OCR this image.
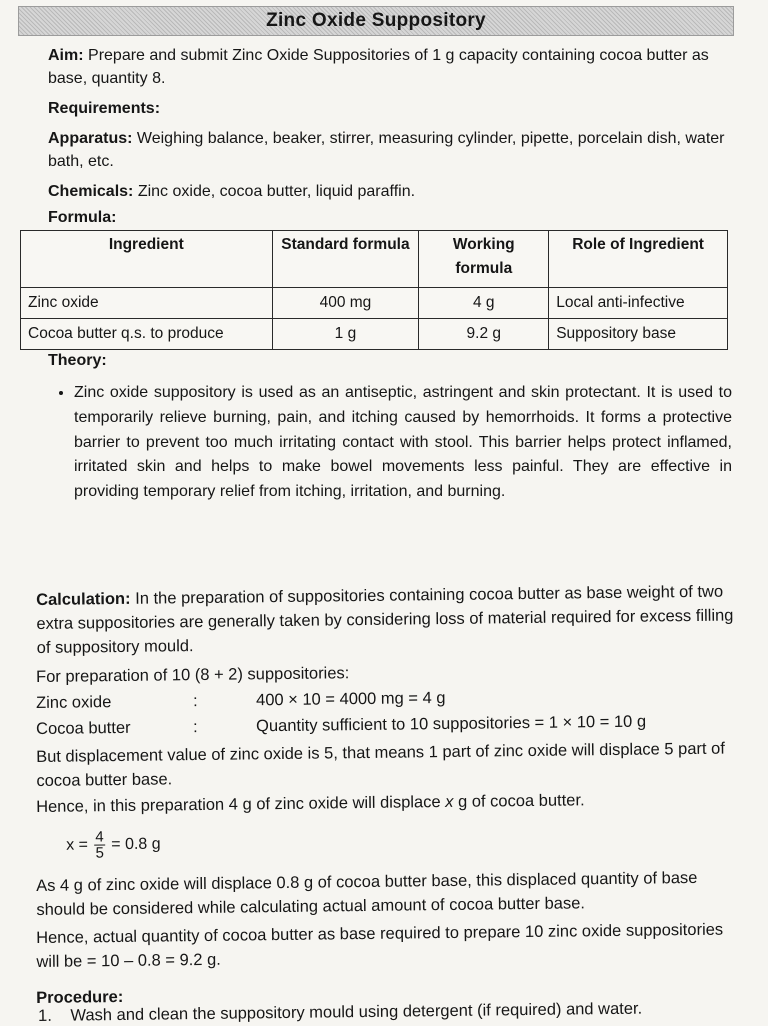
Zinc Oxide Suppository
Aim: Prepare and submit Zinc Oxide Suppositories of 1 g capacity containing cocoa butter as base, quantity 8.
Requirements:
Apparatus: Weighing balance, beaker, stirrer, measuring cylinder, pipette, porcelain dish, water bath, etc.
Chemicals: Zinc oxide, cocoa butter, liquid paraffin.
Formula:
Ingredient	Standard formula	Working formula	Role of Ingredient
Zinc oxide	400 mg	4 g	Local anti-infective
Cocoa butter q.s. to produce	1 g	9.2 g	Suppository base
Theory:
• Zinc oxide suppository is used as an antiseptic, astringent and skin protectant. It is used to temporarily relieve burning, pain, and itching caused by hemorrhoids. It forms a protective barrier to prevent too much irritating contact with stool. This barrier helps protect inflamed, irritated skin and helps to make bowel movements less painful. They are effective in providing temporary relief from itching, irritation, and burning.
Calculation: In the preparation of suppositories containing cocoa butter as base weight of two extra suppositories are generally taken by considering loss of material required for excess filling of suppository mould.
For preparation of 10 (8 + 2) suppositories:
Zinc oxide	:	400 × 10 = 4000 mg = 4 g
Cocoa butter	:	Quantity sufficient to 10 suppositories = 1 × 10 = 10 g
But displacement value of zinc oxide is 5, that means 1 part of zinc oxide will displace 5 part of cocoa butter base.
Hence, in this preparation 4 g of zinc oxide will displace x g of cocoa butter.
$x = \frac{4}{5} = 0.8$ g
As 4 g of zinc oxide will displace 0.8 g of cocoa butter base, this displaced quantity of base should be considered while calculating actual amount of cocoa butter base.
Hence, actual quantity of cocoa butter as base required to prepare 10 zinc oxide suppositories will be = 10 – 0.8 = 9.2 g.
Procedure:
1. Wash and clean the suppository mould using detergent (if required) and water.
